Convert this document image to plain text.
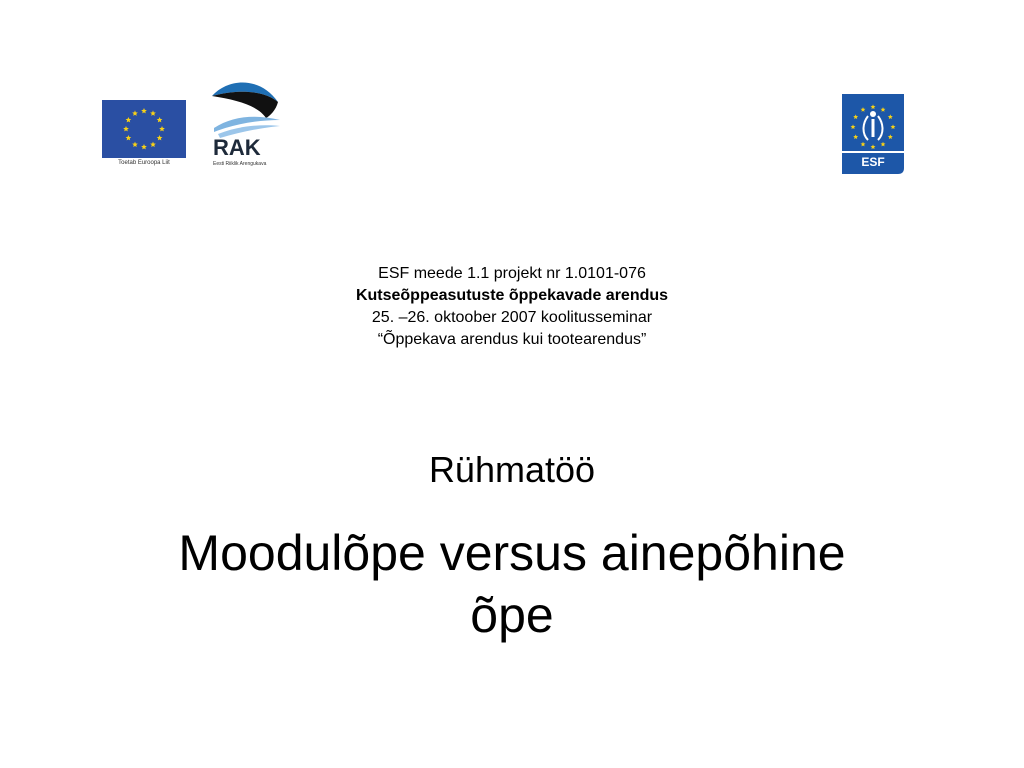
Toetab Euroopa Liit
RAK
Eesti Riiklik Arengukava	ESF
ESF meede 1.1 projekt nr 1.0101-076
Kutseõppeasutuste õppekavade arendus
25. –26. oktoober 2007 koolitusseminar
“Õppekava arendus kui tootearendus”
Rühmatöö
Moodulõpe versus ainepõhine
õpe
